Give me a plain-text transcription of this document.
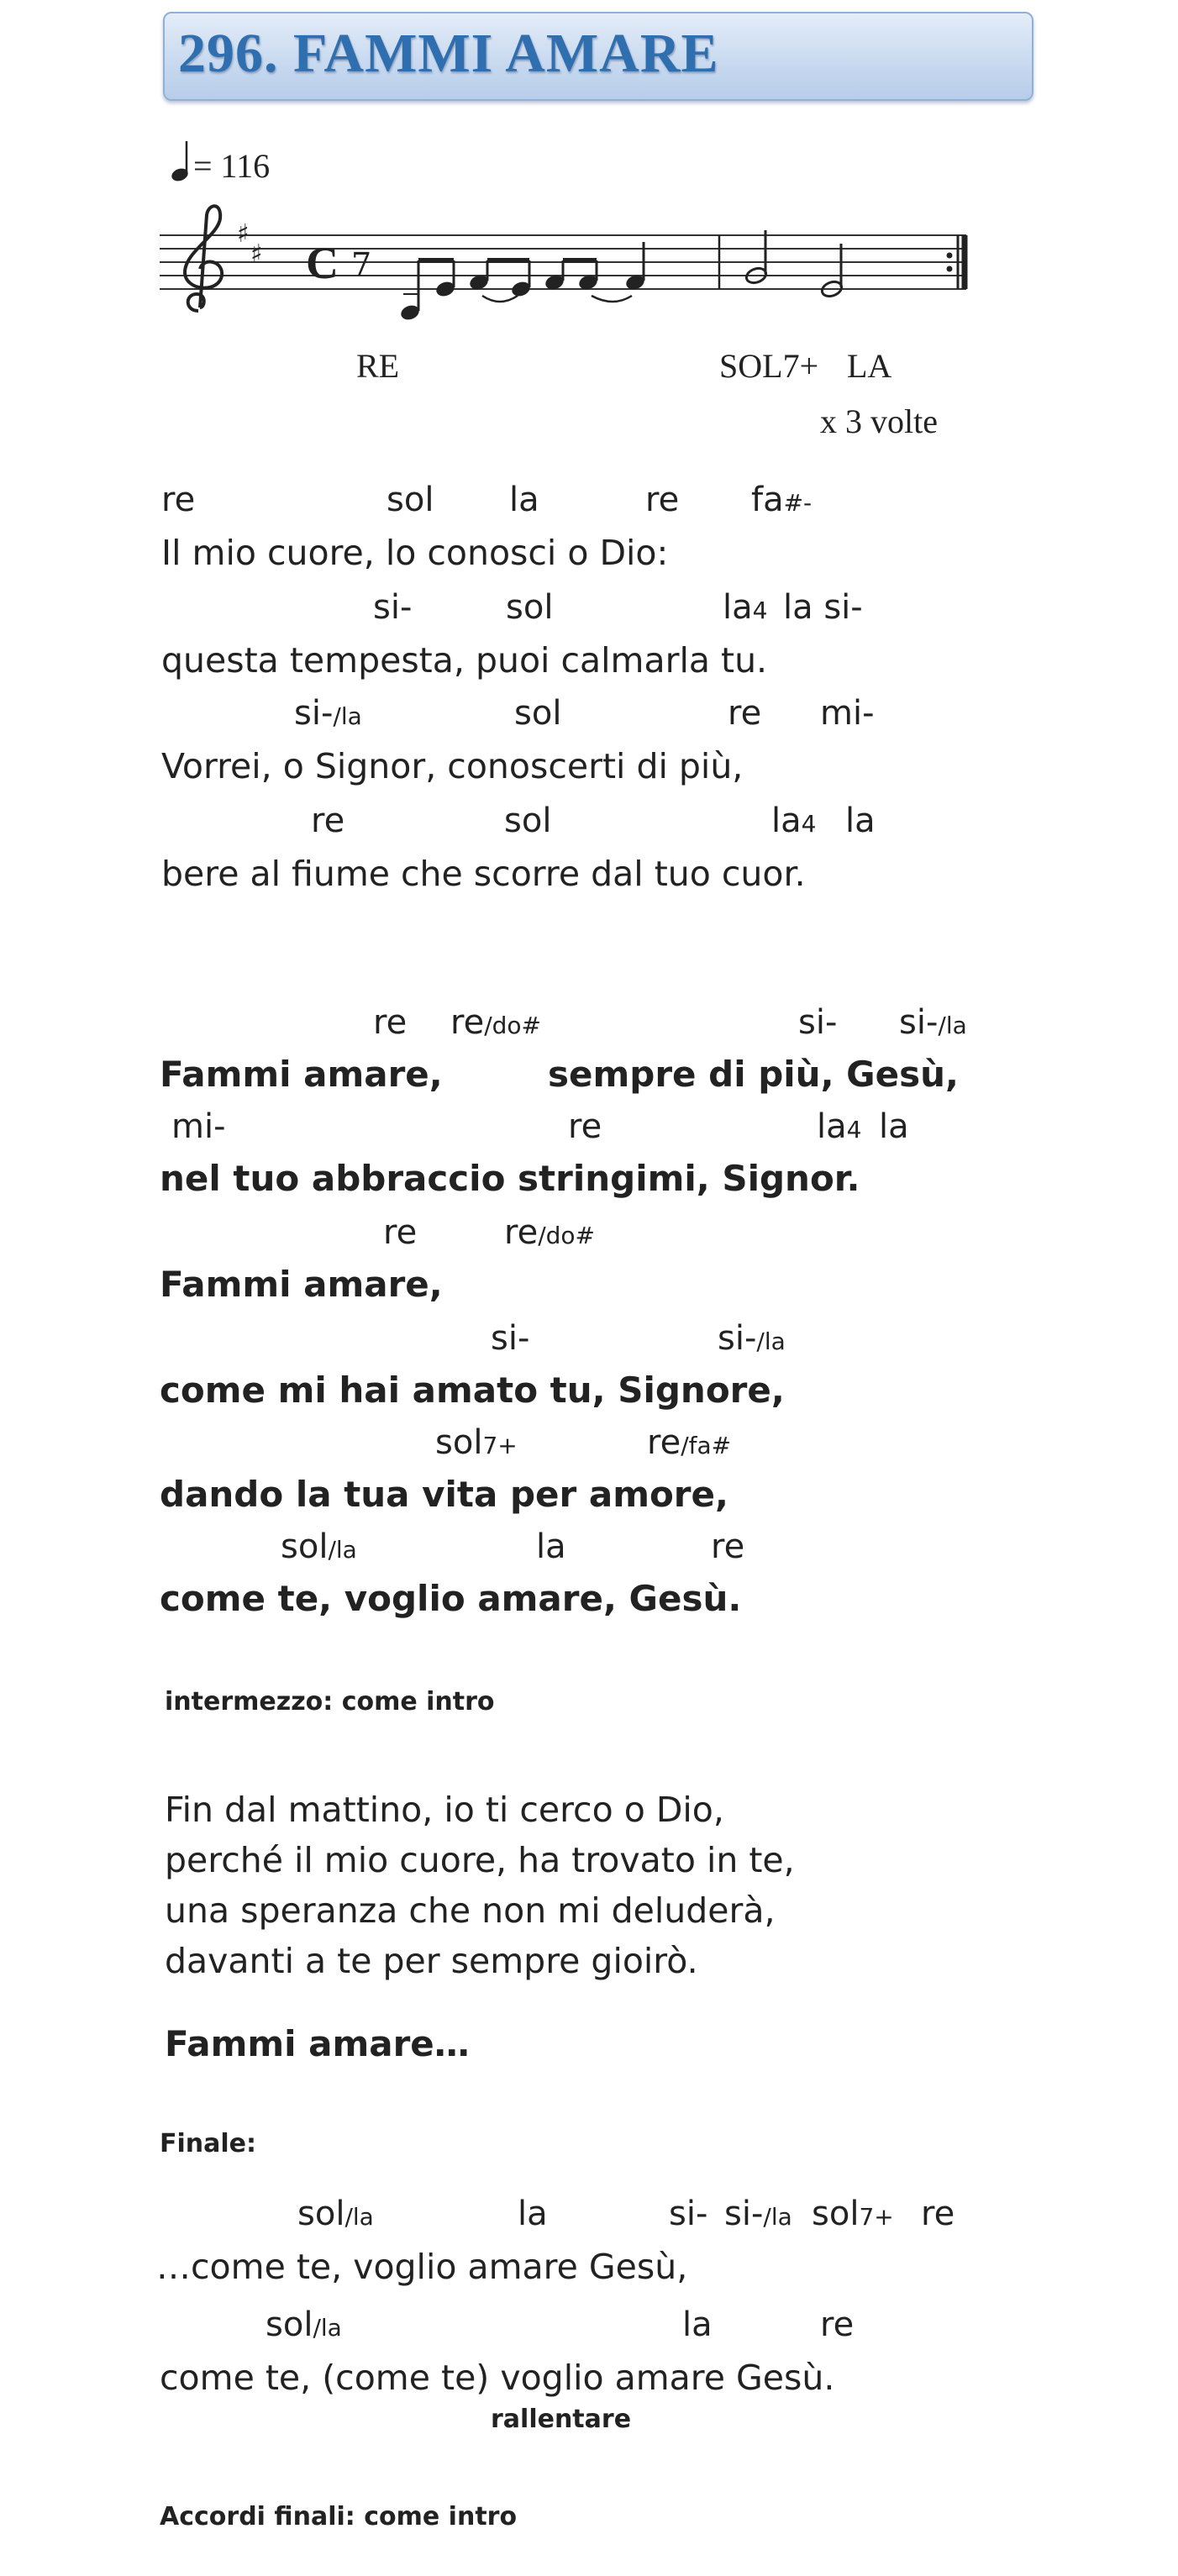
296. FAMMI AMARE
♯
♯	7
= 116
C
RE	SOL7+ LA
x 3 volte
re	sol la	re fa#-
Il mio cuore, lo conosci o Dio:
si-	sol	la4 la si-
questa tempesta, puoi calmarla tu.
si-/la	sol	re mi-
Vorrei, o Signor, conoscerti di più,
re	sol	la4 la
bere al fiume che scorre dal tuo cuor.
re re/do#	si- si-/la
Fammi amare,	sempre di più, Gesù,
mi-	re	la4 la
nel tuo abbraccio stringimi, Signor.
re	re/do#
Fammi amare,
si-	si-/la
come mi hai amato tu, Signore,
sol7+	re/fa#
dando la tua vita per amore,
sol/la	la	re
come te, voglio amare, Gesù.
intermezzo: come intro
Fin dal mattino, io ti cerco o Dio,
perché il mio cuore, ha trovato in te,
una speranza che non mi deluderà,
davanti a te per sempre gioirò.
Fammi amare…
Finale:
sol/la	la	si- si-/la sol7+ re
…come te, voglio amare Gesù,
sol/la	la	re
come te, (come te) voglio amare Gesù.
rallentare
Accordi finali: come intro
